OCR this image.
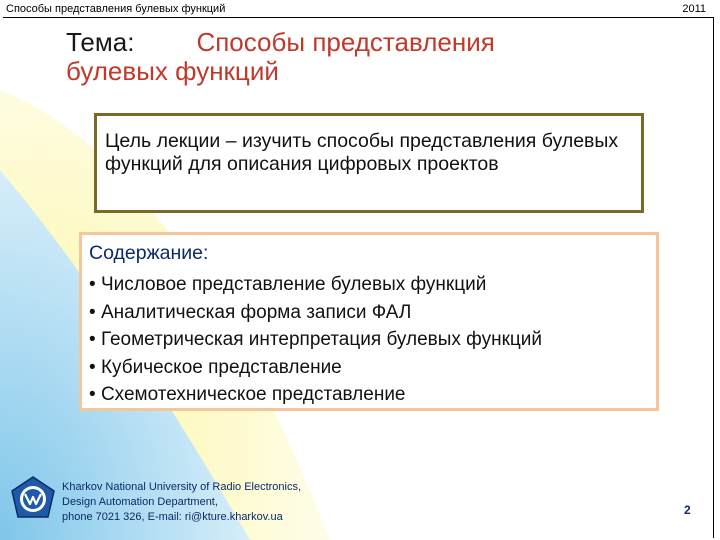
Способы представления булевых функций	2011
Тема: Способы представления
булевых функций
Цель лекции – изучить способы представления булевых функций для описания цифровых проектов
Содержание:
• Числовое представление булевых функций
• Аналитическая форма записи ФАЛ
• Геометрическая интерпретация булевых функций
• Кубическое представление
• Схемотехническое представление
Kharkov National University of Radio Electronics,
Design Automation Department,
phone 7021 326, E-mail: ri@kture.kharkov.ua	2
